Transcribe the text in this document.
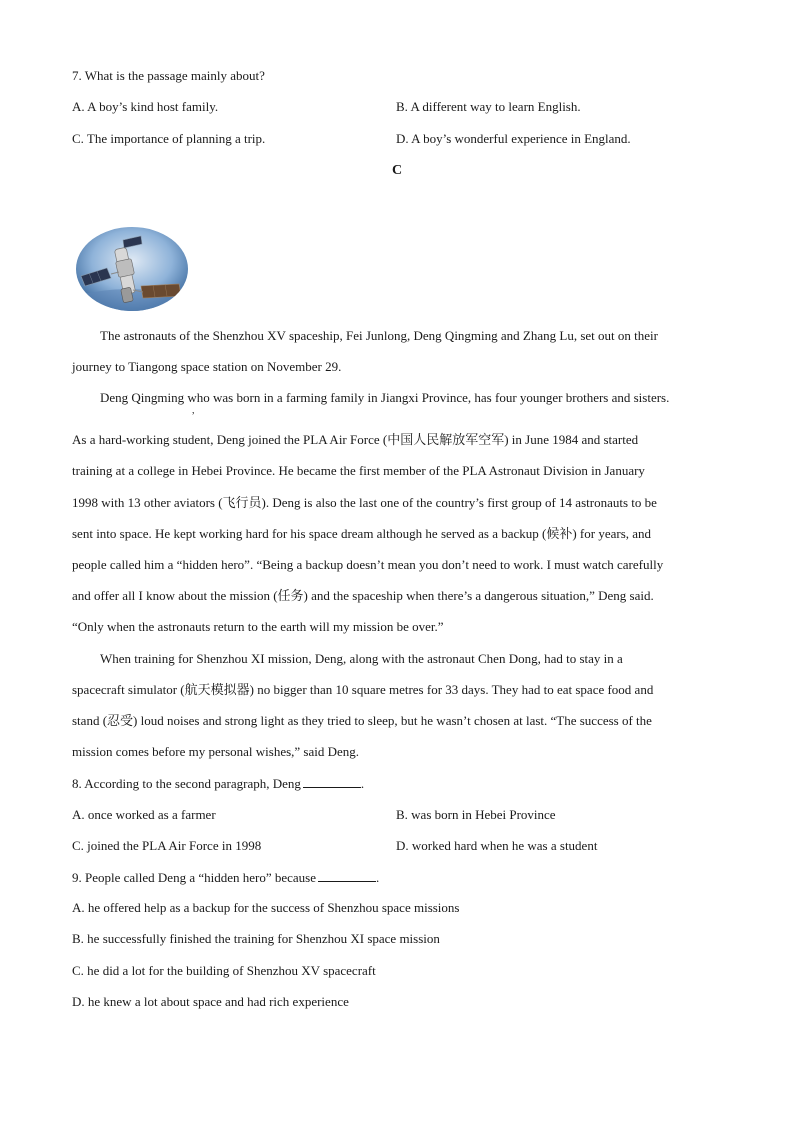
7. What is the passage mainly about?
A. A boy’s kind host family.	B. A different way to learn English.
C. The importance of planning a trip.	D. A boy’s wonderful experience in England.
C
The astronauts of the Shenzhou XV spaceship, Fei Junlong, Deng Qingming and Zhang Lu, set out on their
journey to Tiangong space station on November 29.
Deng Qingming who was born in a farming family in Jiangxi Province, has four younger brothers and sisters.
,
As a hard-working student, Deng joined the PLA Air Force (中国人民解放军空军) in June 1984 and started
training at a college in Hebei Province. He became the first member of the PLA Astronaut Division in January
1998 with 13 other aviators (飞行员). Deng is also the last one of the country’s first group of 14 astronauts to be
sent into space. He kept working hard for his space dream although he served as a backup (候补) for years, and
people called him a “hidden hero”. “Being a backup doesn’t mean you don’t need to work. I must watch carefully
and offer all I know about the mission (任务) and the spaceship when there’s a dangerous situation,” Deng said.
“Only when the astronauts return to the earth will my mission be over.”
When training for Shenzhou XI mission, Deng, along with the astronaut Chen Dong, had to stay in a
spacecraft simulator (航天模拟器) no bigger than 10 square metres for 33 days. They had to eat space food and
stand (忍受) loud noises and strong light as they tried to sleep, but he wasn’t chosen at last. “The success of the
mission comes before my personal wishes,” said Deng.
8. According to the second paragraph, Deng	.
A. once worked as a farmer	B. was born in Hebei Province
C. joined the PLA Air Force in 1998	D. worked hard when he was a student
9. People called Deng a “hidden hero” because	.
A. he offered help as a backup for the success of Shenzhou space missions
B. he successfully finished the training for Shenzhou XI space mission
C. he did a lot for the building of Shenzhou XV spacecraft
D. he knew a lot about space and had rich experience
